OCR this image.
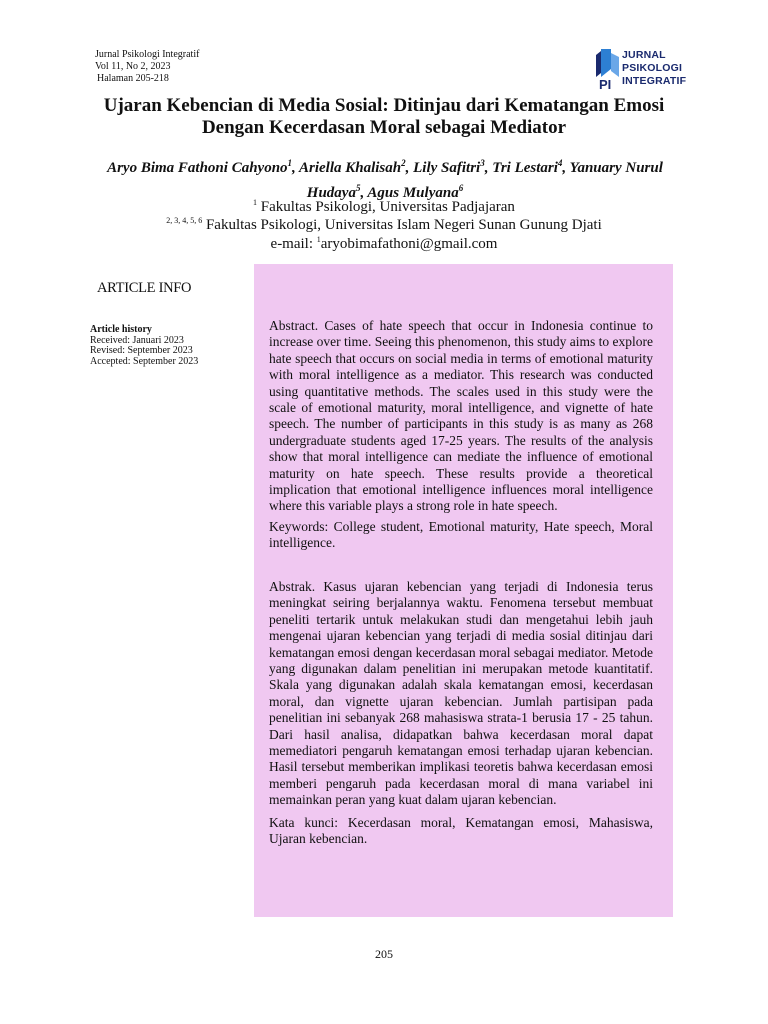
Jurnal Psikologi Integratif
Vol 11, No 2, 2023
Halaman 205-218	PI
JURNAL
PSIKOLOGI
INTEGRATIF
Ujaran Kebencian di Media Sosial: Ditinjau dari Kematangan Emosi
Dengan Kecerdasan Moral sebagai Mediator
Aryo Bima Fathoni Cahyono$^1$, Ariella Khalisah$^2$, Lily Safitri$^3$, Tri Lestari$^4$, Yanuary Nurul Hudaya$^5$, Agus Mulyana$^6$
$^1$ Fakultas Psikologi, Universitas Padjajaran
$^{2, 3, 4, 5, 6}$ Fakultas Psikologi, Universitas Islam Negeri Sunan Gunung Djati
e-mail: $^1$aryobimafathoni@gmail.com
ARTICLE INFO
Article history
Received: Januari 2023
Revised: September 2023
Accepted: September 2023
Abstract. Cases of hate speech that occur in Indonesia continue to increase over time. Seeing this phenomenon, this study aims to explore hate speech that occurs on social media in terms of emotional maturity with moral intelligence as a mediator. This research was conducted using quantitative methods. The scales used in this study were the scale of emotional maturity, moral intelligence, and vignette of hate speech. The number of participants in this study is as many as 268 undergraduate students aged 17-25 years. The results of the analysis show that moral intelligence can mediate the influence of emotional maturity on hate speech. These results provide a theoretical implication that emotional intelligence influences moral intelligence where this variable plays a strong role in hate speech.
Keywords: College student, Emotional maturity, Hate speech, Moral intelligence.
Abstrak. Kasus ujaran kebencian yang terjadi di Indonesia terus meningkat seiring berjalannya waktu. Fenomena tersebut membuat peneliti tertarik untuk melakukan studi dan mengetahui lebih jauh mengenai ujaran kebencian yang terjadi di media sosial ditinjau dari kematangan emosi dengan kecerdasan moral sebagai mediator. Metode yang digunakan dalam penelitian ini merupakan metode kuantitatif. Skala yang digunakan adalah skala kematangan emosi, kecerdasan moral, dan vignette ujaran kebencian. Jumlah partisipan pada penelitian ini sebanyak 268 mahasiswa strata-1 berusia 17 - 25 tahun. Dari hasil analisa, didapatkan bahwa kecerdasan moral dapat memediatori pengaruh kematangan emosi terhadap ujaran kebencian. Hasil tersebut memberikan implikasi teoretis bahwa kecerdasan emosi memberi pengaruh pada kecerdasan moral di mana variabel ini memainkan peran yang kuat dalam ujaran kebencian.
Kata kunci: Kecerdasan moral, Kematangan emosi, Mahasiswa, Ujaran kebencian.
205
